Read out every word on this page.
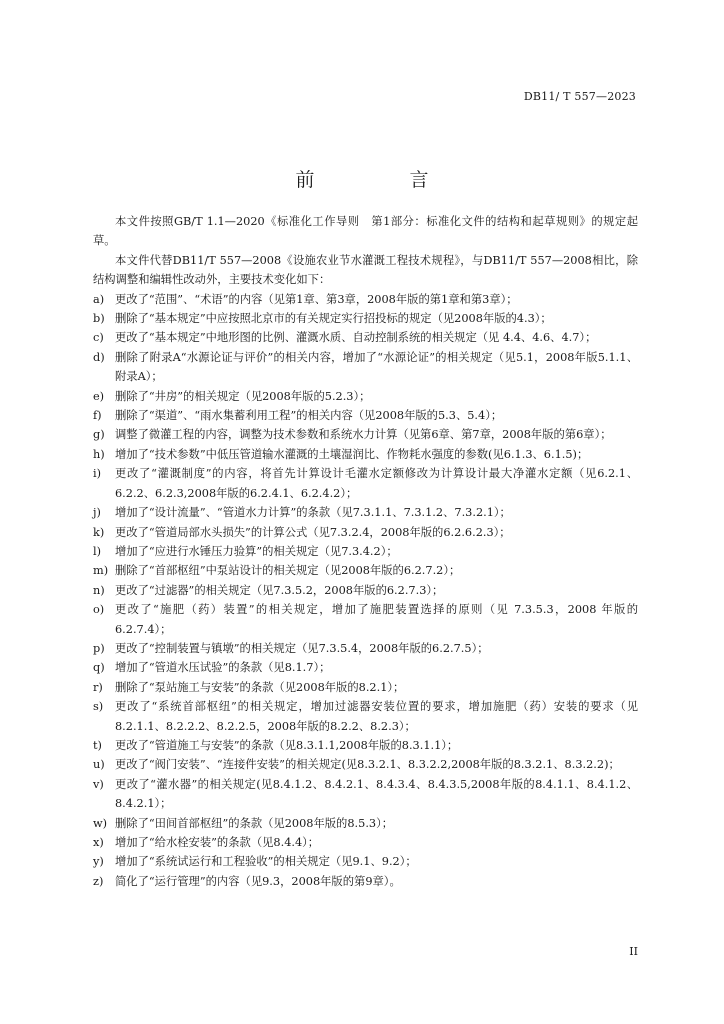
DB11/ T 557—2023
前　言

本文件按照GB/T 1.1—2020《标准化工作导则　第1部分：标准化文件的结构和起草规则》的规定起草。

本文件代替DB11/T 557—2008《设施农业节水灌溉工程技术规程》，与DB11/T 557—2008相比，除结构调整和编辑性改动外，主要技术变化如下：

a) 更改了“范围”、“术语”的内容（见第1章、第3章，2008年版的第1章和第3章）；
b) 删除了“基本规定”中应按照北京市的有关规定实行招投标的规定（见2008年版的4.3）；
c) 更改了“基本规定”中地形图的比例、灌溉水质、自动控制系统的相关规定（见 4.4、4.6、4.7）；
d) 删除了附录A“水源论证与评价”的相关内容，增加了“水源论证”的相关规定（见5.1，2008年版5.1.1、附录A）；
e) 删除了“井房”的相关规定（见2008年版的5.2.3）；
f)	删除了“渠道”、“雨水集蓄利用工程”的相关内容（见2008年版的5.3、5.4）；
g) 调整了微灌工程的内容，调整为技术参数和系统水力计算（见第6章、第7章，2008年版的第6章）；
h) 增加了“技术参数”中低压管道输水灌溉的土壤湿润比、作物耗水强度的参数(见6.1.3、6.1.5)；
i)	更改了“灌溉制度”的内容，将首先计算设计毛灌水定额修改为计算设计最大净灌水定额（见6.2.1、6.2.2、6.2.3,2008年版的6.2.4.1、6.2.4.2）；
j)	增加了“设计流量”、“管道水力计算”的条款（见7.3.1.1、7.3.1.2、7.3.2.1）；
k) 更改了“管道局部水头损失”的计算公式（见7.3.2.4，2008年版的6.2.6.2.3）；
l)	增加了“应进行水锤压力验算”的相关规定（见7.3.4.2）；
m) 删除了“首部枢纽”中泵站设计的相关规定（见2008年版的6.2.7.2）；
n) 更改了“过滤器”的相关规定（见7.3.5.2，2008年版的6.2.7.3）；
o) 更改了“施肥（药）装置”的相关规定，增加了施肥装置选择的原则（见 7.3.5.3，2008 年版的6.2.7.4）；
p) 更改了“控制装置与镇墩”的相关规定（见7.3.5.4，2008年版的6.2.7.5）；
q) 增加了“管道水压试验”的条款（见8.1.7）；
r)	删除了“泵站施工与安装”的条款（见2008年版的8.2.1）；
s)	更改了“系统首部枢纽”的相关规定，增加过滤器安装位置的要求，增加施肥（药）安装的要求（见8.2.1.1、8.2.2.2、8.2.2.5，2008年版的8.2.2、8.2.3）；
t)	更改了“管道施工与安装”的条款（见8.3.1.1,2008年版的8.3.1.1）；
u) 更改了“阀门安装”、“连接件安装”的相关规定(见8.3.2.1、8.3.2.2,2008年版的8.3.2.1、8.3.2.2)；
v) 更改了“灌水器”的相关规定(见8.4.1.2、8.4.2.1、8.4.3.4、8.4.3.5,2008年版的8.4.1.1、8.4.1.2、8.4.2.1）；
w) 删除了“田间首部枢纽”的条款（见2008年版的8.5.3）；
x) 增加了“给水栓安装”的条款（见8.4.4）；
y) 增加了“系统试运行和工程验收”的相关规定（见9.1、9.2）；
z)	简化了“运行管理”的内容（见9.3，2008年版的第9章）。
II
